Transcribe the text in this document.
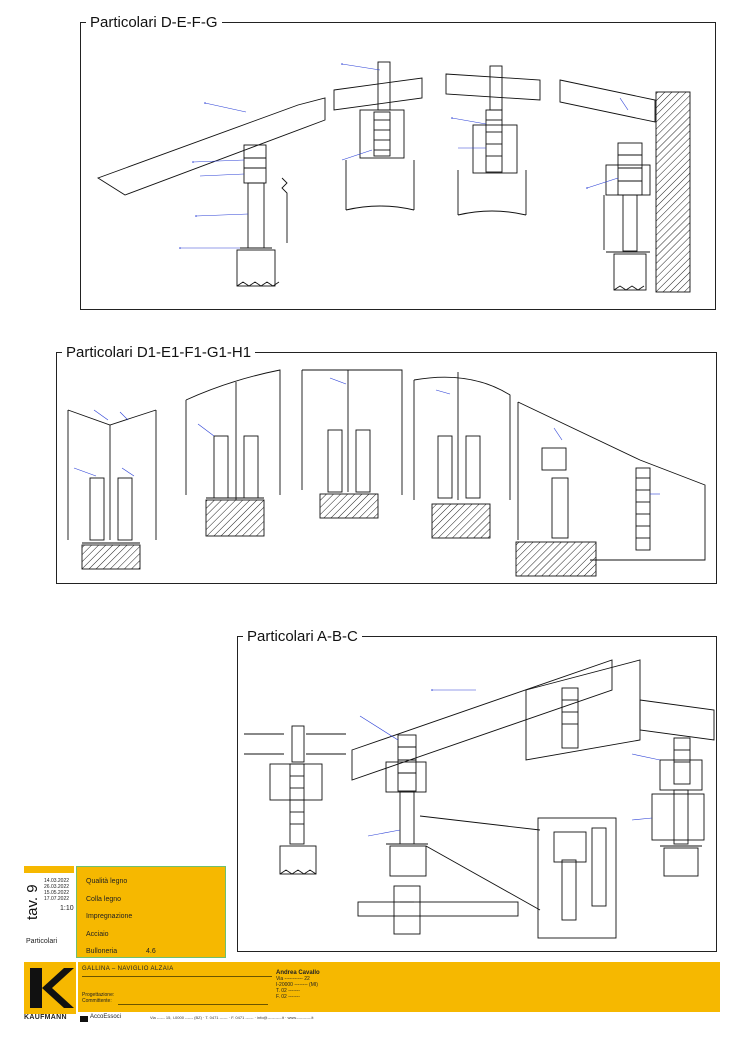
Particolari D-E-F-G
Particolari D1-E1-F1-G1-H1
Particolari A-B-C
tav. 9
14.03.2022
26.03.2022
15.05.2022
17.07.2022
1:10
Particolari
Qualità legno
Colla legno
Impregnazione
Acciaio
Bulloneria	4.6
KAUFMANN
GALLINA – NAVIGLIO ALZAIA
Progettazione:
Committente:
Andrea Cavallo
Via ----------- 22
I-20000 -------- (MI)
T. 02 -------
F. 02 -------
AccoEssoci	Via ------ 15, I-0000 ------ (BZ) · T. 0471 ------ · F. 0471 ------ · info@----------.it · www.----------.it
